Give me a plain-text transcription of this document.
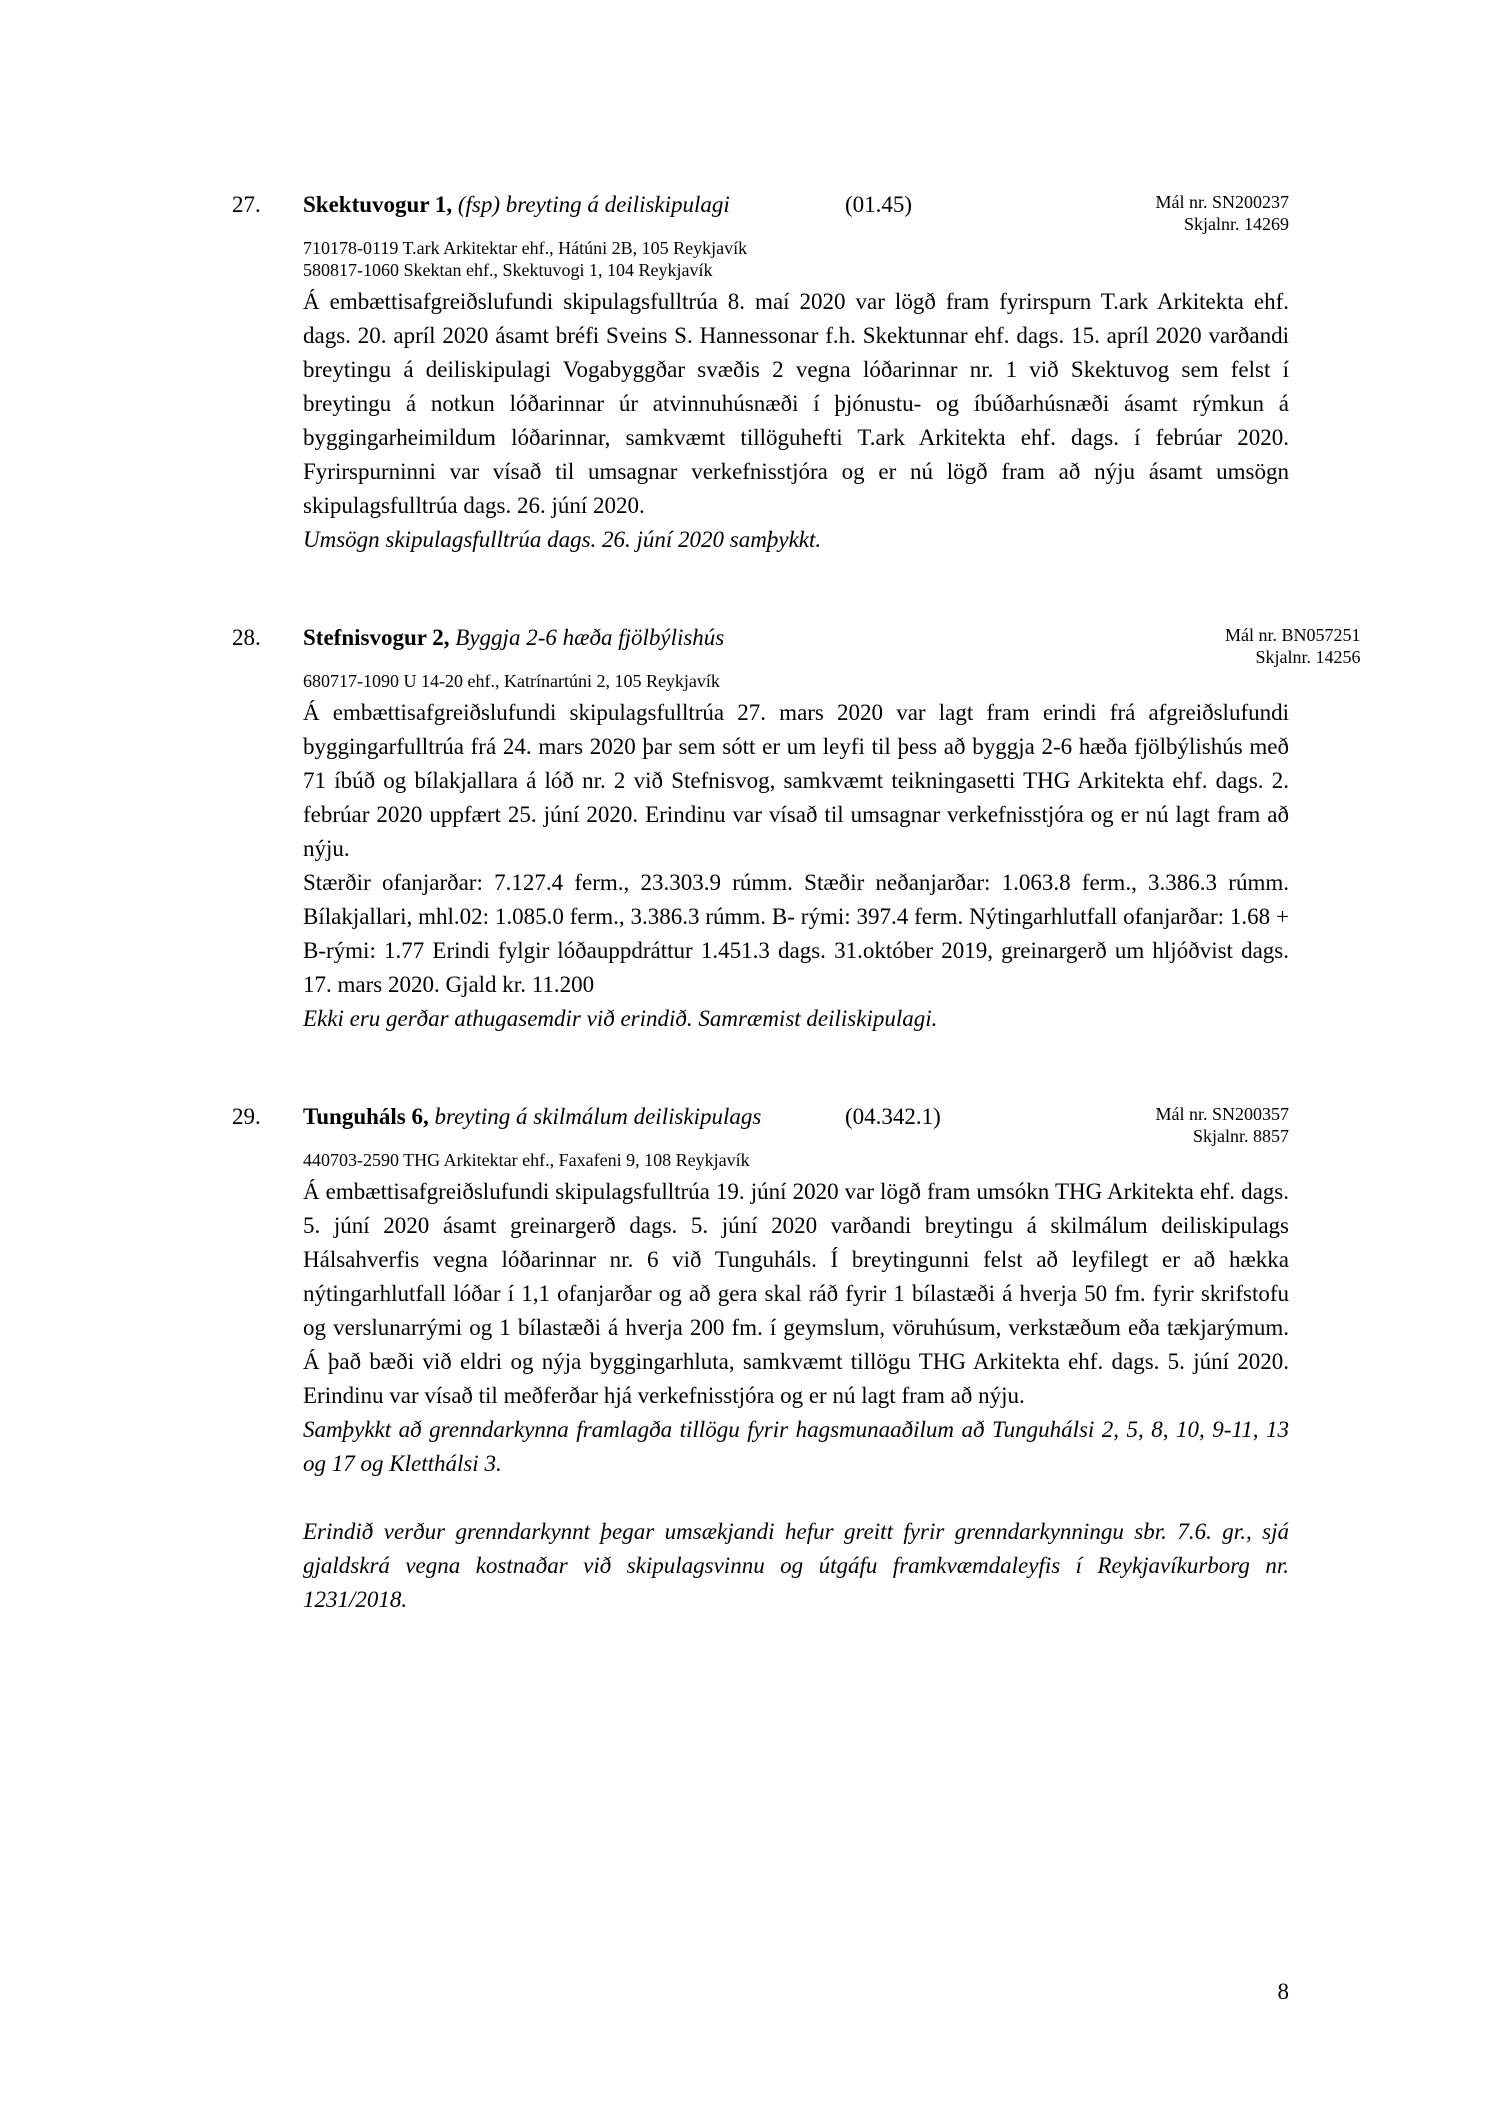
27.	Skektuvogur 1, (fsp) breyting á deiliskipulagi	(01.45)	Mál nr. SN200237
Skjalnr. 14269
710178-0119 T.ark Arkitektar ehf., Hátúni 2B, 105 Reykjavík
580817-1060 Skektan ehf., Skektuvogi 1, 104 Reykjavík

Á embættisafgreiðslufundi skipulagsfulltrúa 8. maí 2020 var lögð fram fyrirspurn T.ark Arkitekta ehf. dags. 20. apríl 2020 ásamt bréfi Sveins S. Hannessonar f.h. Skektunnar ehf. dags. 15. apríl 2020 varðandi breytingu á deiliskipulagi Vogabyggðar svæðis 2 vegna lóðarinnar nr. 1 við Skektuvog sem felst í breytingu á notkun lóðarinnar úr atvinnuhúsnæði í þjónustu- og íbúðarhúsnæði ásamt rýmkun á byggingarheimildum lóðarinnar, samkvæmt tillöguhefti T.ark Arkitekta ehf. dags. í febrúar 2020. Fyrirspurninni var vísað til umsagnar verkefnisstjóra og er nú lögð fram að nýju ásamt umsögn skipulagsfulltrúa dags. 26. júní 2020.

Umsögn skipulagsfulltrúa dags. 26. júní 2020 samþykkt.

28.	Stefnisvogur 2, Byggja 2-6 hæða fjölbýlishús	Mál nr. BN057251
Skjalnr. 14256
680717-1090 U 14-20 ehf., Katrínartúni 2, 105 Reykjavík

Á embættisafgreiðslufundi skipulagsfulltrúa 27. mars 2020 var lagt fram erindi frá afgreiðslufundi byggingarfulltrúa frá 24. mars 2020 þar sem sótt er um leyfi til þess að byggja 2-6 hæða fjölbýlishús með 71 íbúð og bílakjallara á lóð nr. 2 við Stefnisvog, samkvæmt teikningasetti THG Arkitekta ehf. dags. 2. febrúar 2020 uppfært 25. júní 2020. Erindinu var vísað til umsagnar verkefnisstjóra og er nú lagt fram að nýju.

Stærðir ofanjarðar: 7.127.4 ferm., 23.303.9 rúmm. Stæðir neðanjarðar: 1.063.8 ferm., 3.386.3 rúmm. Bílakjallari, mhl.02: 1.085.0 ferm., 3.386.3 rúmm. B- rými: 397.4 ferm. Nýtingarhlutfall ofanjarðar: 1.68 + B-rými: 1.77 Erindi fylgir lóðauppdráttur 1.451.3 dags. 31.október 2019, greinargerð um hljóðvist dags. 17. mars 2020. Gjald kr. 11.200

Ekki eru gerðar athugasemdir við erindið. Samræmist deiliskipulagi.

29.	Tunguháls 6, breyting á skilmálum deiliskipulags	(04.342.1)	Mál nr. SN200357
Skjalnr. 8857
440703-2590 THG Arkitektar ehf., Faxafeni 9, 108 Reykjavík

Á embættisafgreiðslufundi skipulagsfulltrúa 19. júní 2020 var lögð fram umsókn THG Arkitekta ehf. dags. 5. júní 2020 ásamt greinargerð dags. 5. júní 2020 varðandi breytingu á skilmálum deiliskipulags Hálsahverfis vegna lóðarinnar nr. 6 við Tunguháls. Í breytingunni felst að leyfilegt er að hækka nýtingarhlutfall lóðar í 1,1 ofanjarðar og að gera skal ráð fyrir 1 bílastæði á hverja 50 fm. fyrir skrifstofu og verslunarrými og 1 bílastæði á hverja 200 fm. í geymslum, vöruhúsum, verkstæðum eða tækjarýmum. Á það bæði við eldri og nýja byggingarhluta, samkvæmt tillögu THG Arkitekta ehf. dags. 5. júní 2020. Erindinu var vísað til meðferðar hjá verkefnisstjóra og er nú lagt fram að nýju.

Samþykkt að grenndarkynna framlagða tillögu fyrir hagsmunaaðilum að Tunguhálsi 2, 5, 8, 10, 9-11, 13 og 17 og Kletthálsi 3.

Erindið verður grenndarkynnt þegar umsækjandi hefur greitt fyrir grenndarkynningu sbr. 7.6. gr., sjá gjaldskrá vegna kostnaðar við skipulagsvinnu og útgáfu framkvæmdaleyfis í Reykjavíkurborg nr. 1231/2018.

8
